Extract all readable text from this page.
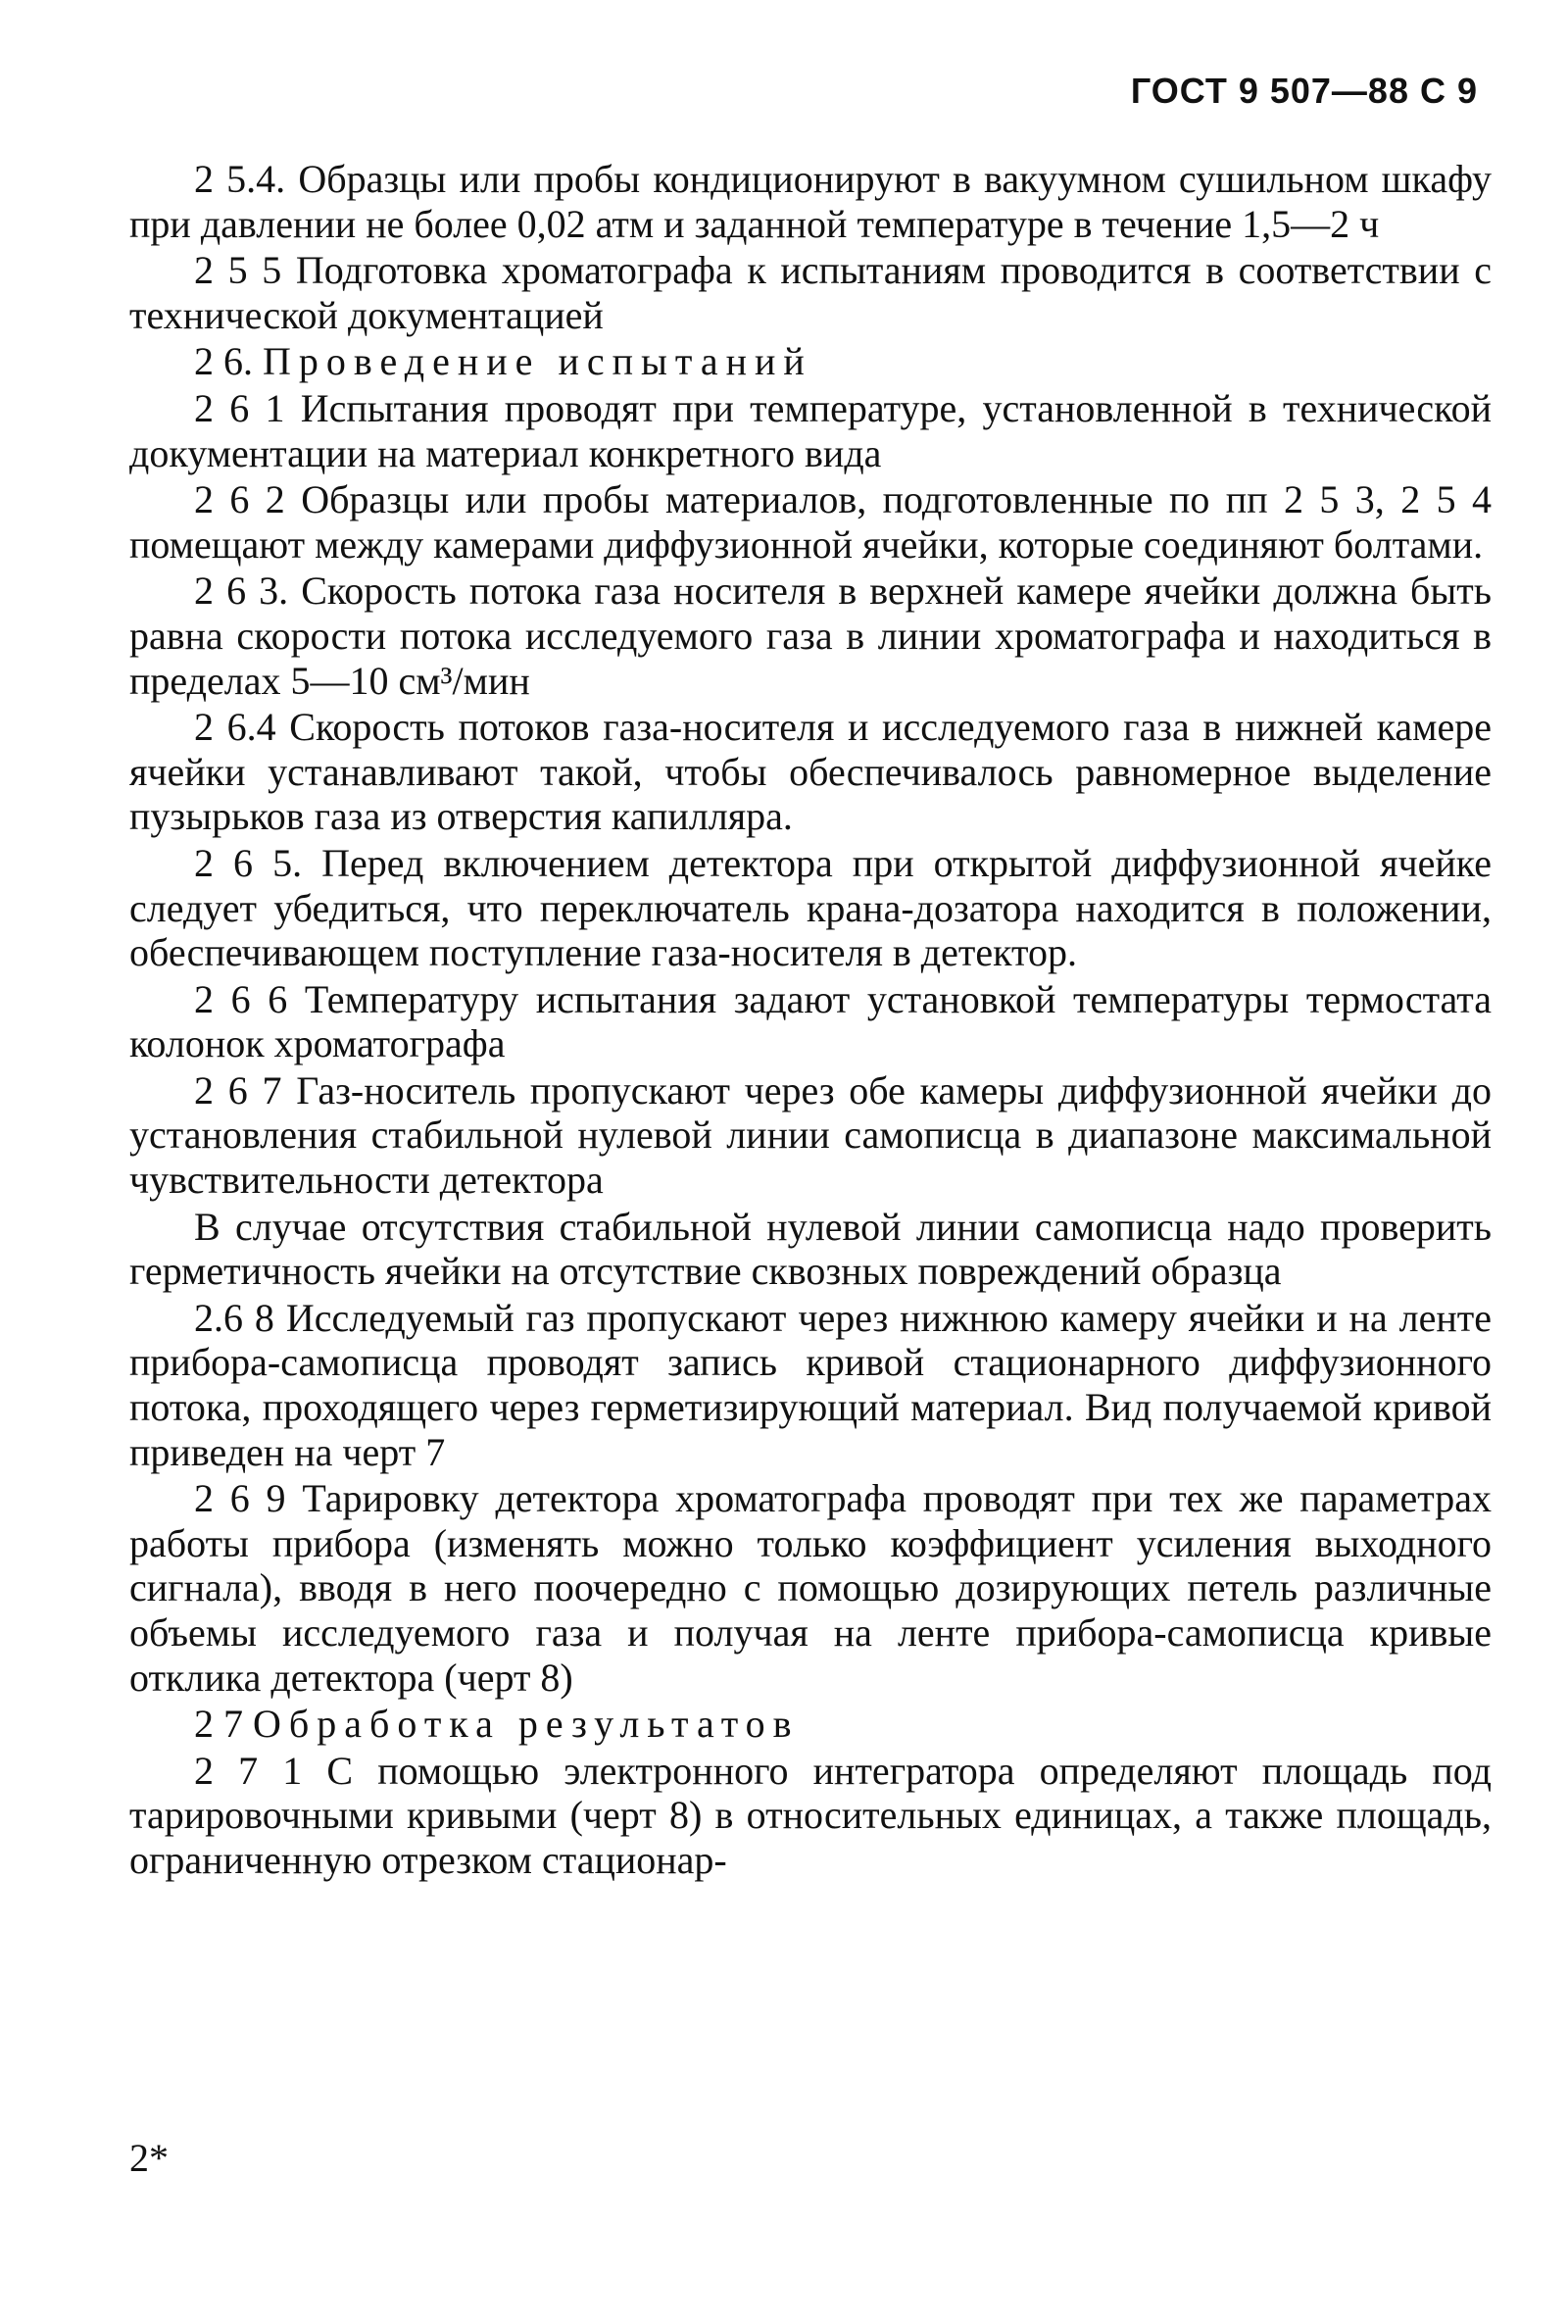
ГОСТ 9 507—88 С 9

2 5.4. Образцы или пробы кондиционируют в вакуумном сушильном шкафу при давлении не более 0,02 атм и заданной температуре в течение 1,5—2 ч

2 5 5 Подготовка хроматографа к испытаниям проводится в соответствии с технической документацией

2 6. Проведение испытаний

2 6 1 Испытания проводят при температуре, установленной в технической документации на материал конкретного вида

2 6 2 Образцы или пробы материалов, подготовленные по пп 2 5 3, 2 5 4 помещают между камерами диффузионной ячейки, которые соединяют болтами.

2 6 3. Скорость потока газа носителя в верхней камере ячейки должна быть равна скорости потока исследуемого газа в линии хроматографа и находиться в пределах 5—10 см³/мин

2 6.4 Скорость потоков газа-носителя и исследуемого газа в нижней камере ячейки устанавливают такой, чтобы обеспечивалось равномерное выделение пузырьков газа из отверстия капилляра.

2 6 5. Перед включением детектора при открытой диффузионной ячейке следует убедиться, что переключатель крана-дозатора находится в положении, обеспечивающем поступление газа-носителя в детектор.

2 6 6 Температуру испытания задают установкой температуры термостата колонок хроматографа

2 6 7 Газ-носитель пропускают через обе камеры диффузионной ячейки до установления стабильной нулевой линии самописца в диапазоне максимальной чувствительности детектора

В случае отсутствия стабильной нулевой линии самописца надо проверить герметичность ячейки на отсутствие сквозных повреждений образца

2.6 8 Исследуемый газ пропускают через нижнюю камеру ячейки и на ленте прибора-самописца проводят запись кривой стационарного диффузионного потока, проходящего через герметизирующий материал. Вид получаемой кривой приведен на черт 7

2 6 9 Тарировку детектора хроматографа проводят при тех же параметрах работы прибора (изменять можно только коэффициент усиления выходного сигнала), вводя в него поочередно с помощью дозирующих петель различные объемы исследуемого газа и получая на ленте прибора-самописца кривые отклика детектора (черт 8)

2 7 Обработка результатов

2 7 1 С помощью электронного интегратора определяют площадь под тарировочными кривыми (черт 8) в относительных единицах, а также площадь, ограниченную отрезком стационар-

2*
